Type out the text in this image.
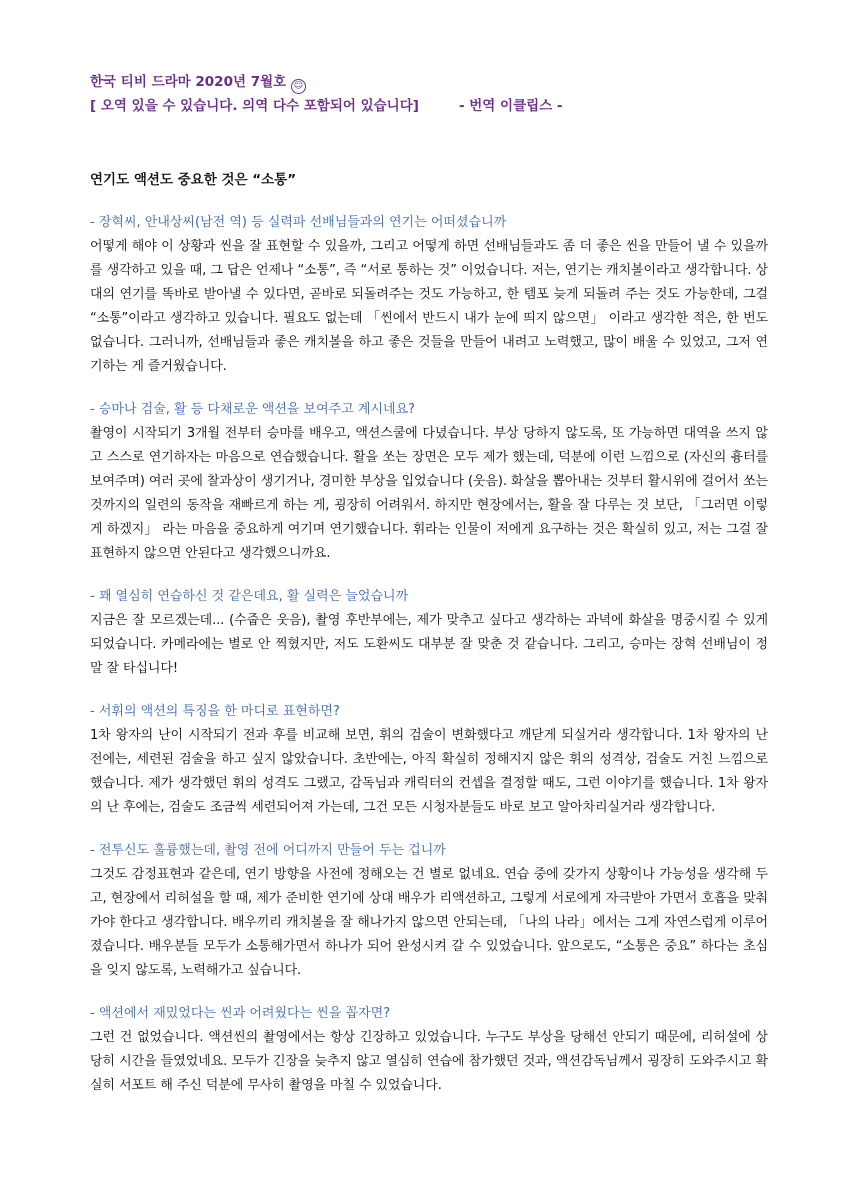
한국 티비 드라마 2020년 7월호 ☺
[ 오역 있을 수 있습니다. 의역 다수 포함되어 있습니다]	- 번역 이클립스 -
연기도 액션도 중요한 것은 “소통”
- 장혁씨, 안내상씨(남전 역) 등 실력파 선배님들과의 연기는 어떠셨습니까
어떻게 해야 이 상황과 씬을 잘 표현할 수 있을까, 그리고 어떻게 하면 선배님들과도 좀 더 좋은 씬을 만들어 낼 수 있을까를 생각하고 있을 때, 그 답은 언제나 “소통”, 즉 “서로 통하는 것” 이었습니다. 저는, 연기는 캐치볼이라고 생각합니다. 상대의 연기를 똑바로 받아낼 수 있다면, 곧바로 되돌려주는 것도 가능하고, 한 템포 늦게 되돌려 주는 것도 가능한데, 그걸 “소통”이라고 생각하고 있습니다. 필요도 없는데 「씬에서 반드시 내가 눈에 띄지 않으면」 이라고 생각한 적은, 한 번도 없습니다. 그러니까, 선배님들과 좋은 캐치볼을 하고 좋은 것들을 만들어 내려고 노력했고, 많이 배울 수 있었고, 그저 연기하는 게 즐거웠습니다.
- 승마나 검술, 활 등 다채로운 액션을 보여주고 계시네요?
촬영이 시작되기 3개월 전부터 승마를 배우고, 액션스쿨에 다녔습니다. 부상 당하지 않도록, 또 가능하면 대역을 쓰지 않고 스스로 연기하자는 마음으로 연습했습니다. 활을 쏘는 장면은 모두 제가 했는데, 덕분에 이런 느낌으로 (자신의 흉터를 보여주며) 여러 곳에 찰과상이 생기거나, 경미한 부상을 입었습니다 (웃음). 화살을 뽑아내는 것부터 활시위에 걸어서 쏘는 것까지의 일련의 동작을 재빠르게 하는 게, 굉장히 어려워서. 하지만 현장에서는, 활을 잘 다루는 것 보단, 「그러면 이렇게 하겠지」 라는 마음을 중요하게 여기며 연기했습니다. 휘라는 인물이 저에게 요구하는 것은 확실히 있고, 저는 그걸 잘 표현하지 않으면 안된다고 생각했으니까요.
- 꽤 열심히 연습하신 것 같은데요, 활 실력은 늘었습니까
지금은 잘 모르겠는데... (수줍은 웃음), 촬영 후반부에는, 제가 맞추고 싶다고 생각하는 과녁에 화살을 명중시킬 수 있게 되었습니다. 카메라에는 별로 안 찍혔지만, 저도 도환씨도 대부분 잘 맞춘 것 같습니다. 그리고, 승마는 장혁 선배님이 정말 잘 타십니다!
- 서휘의 액션의 특징을 한 마디로 표현하면?
1차 왕자의 난이 시작되기 전과 후를 비교해 보면, 휘의 검술이 변화했다고 깨닫게 되실거라 생각합니다. 1차 왕자의 난 전에는, 세련된 검술을 하고 싶지 않았습니다. 초반에는, 아직 확실히 정해지지 않은 휘의 성격상, 검술도 거친 느낌으로 했습니다. 제가 생각했던 휘의 성격도 그랬고, 감독님과 캐릭터의 컨셉을 결정할 때도, 그런 이야기를 했습니다. 1차 왕자의 난 후에는, 검술도 조금씩 세련되어져 가는데, 그건 모든 시청자분들도 바로 보고 알아차리실거라 생각합니다.
- 전투신도 훌륭했는데, 촬영 전에 어디까지 만들어 두는 겁니까
그것도 감정표현과 같은데, 연기 방향을 사전에 정해오는 건 별로 없네요. 연습 중에 갖가지 상황이나 가능성을 생각해 두고, 현장에서 리허설을 할 때, 제가 준비한 연기에 상대 배우가 리액션하고, 그렇게 서로에게 자극받아 가면서 호흡을 맞춰가야 한다고 생각합니다. 배우끼리 캐치볼을 잘 해나가지 않으면 안되는데, 「나의 나라」에서는 그게 자연스럽게 이루어졌습니다. 배우분들 모두가 소통해가면서 하나가 되어 완성시켜 갈 수 있었습니다. 앞으로도, “소통은 중요” 하다는 초심을 잊지 않도록, 노력해가고 싶습니다.
- 액션에서 재밌었다는 씬과 어려웠다는 씬을 꼽자면?
그런 건 없었습니다. 액션씬의 촬영에서는 항상 긴장하고 있었습니다. 누구도 부상을 당해선 안되기 때문에, 리허설에 상당히 시간을 들였었네요. 모두가 긴장을 늦추지 않고 열심히 연습에 참가했던 것과, 액션감독님께서 굉장히 도와주시고 확실히 서포트 해 주신 덕분에 무사히 촬영을 마칠 수 있었습니다.
